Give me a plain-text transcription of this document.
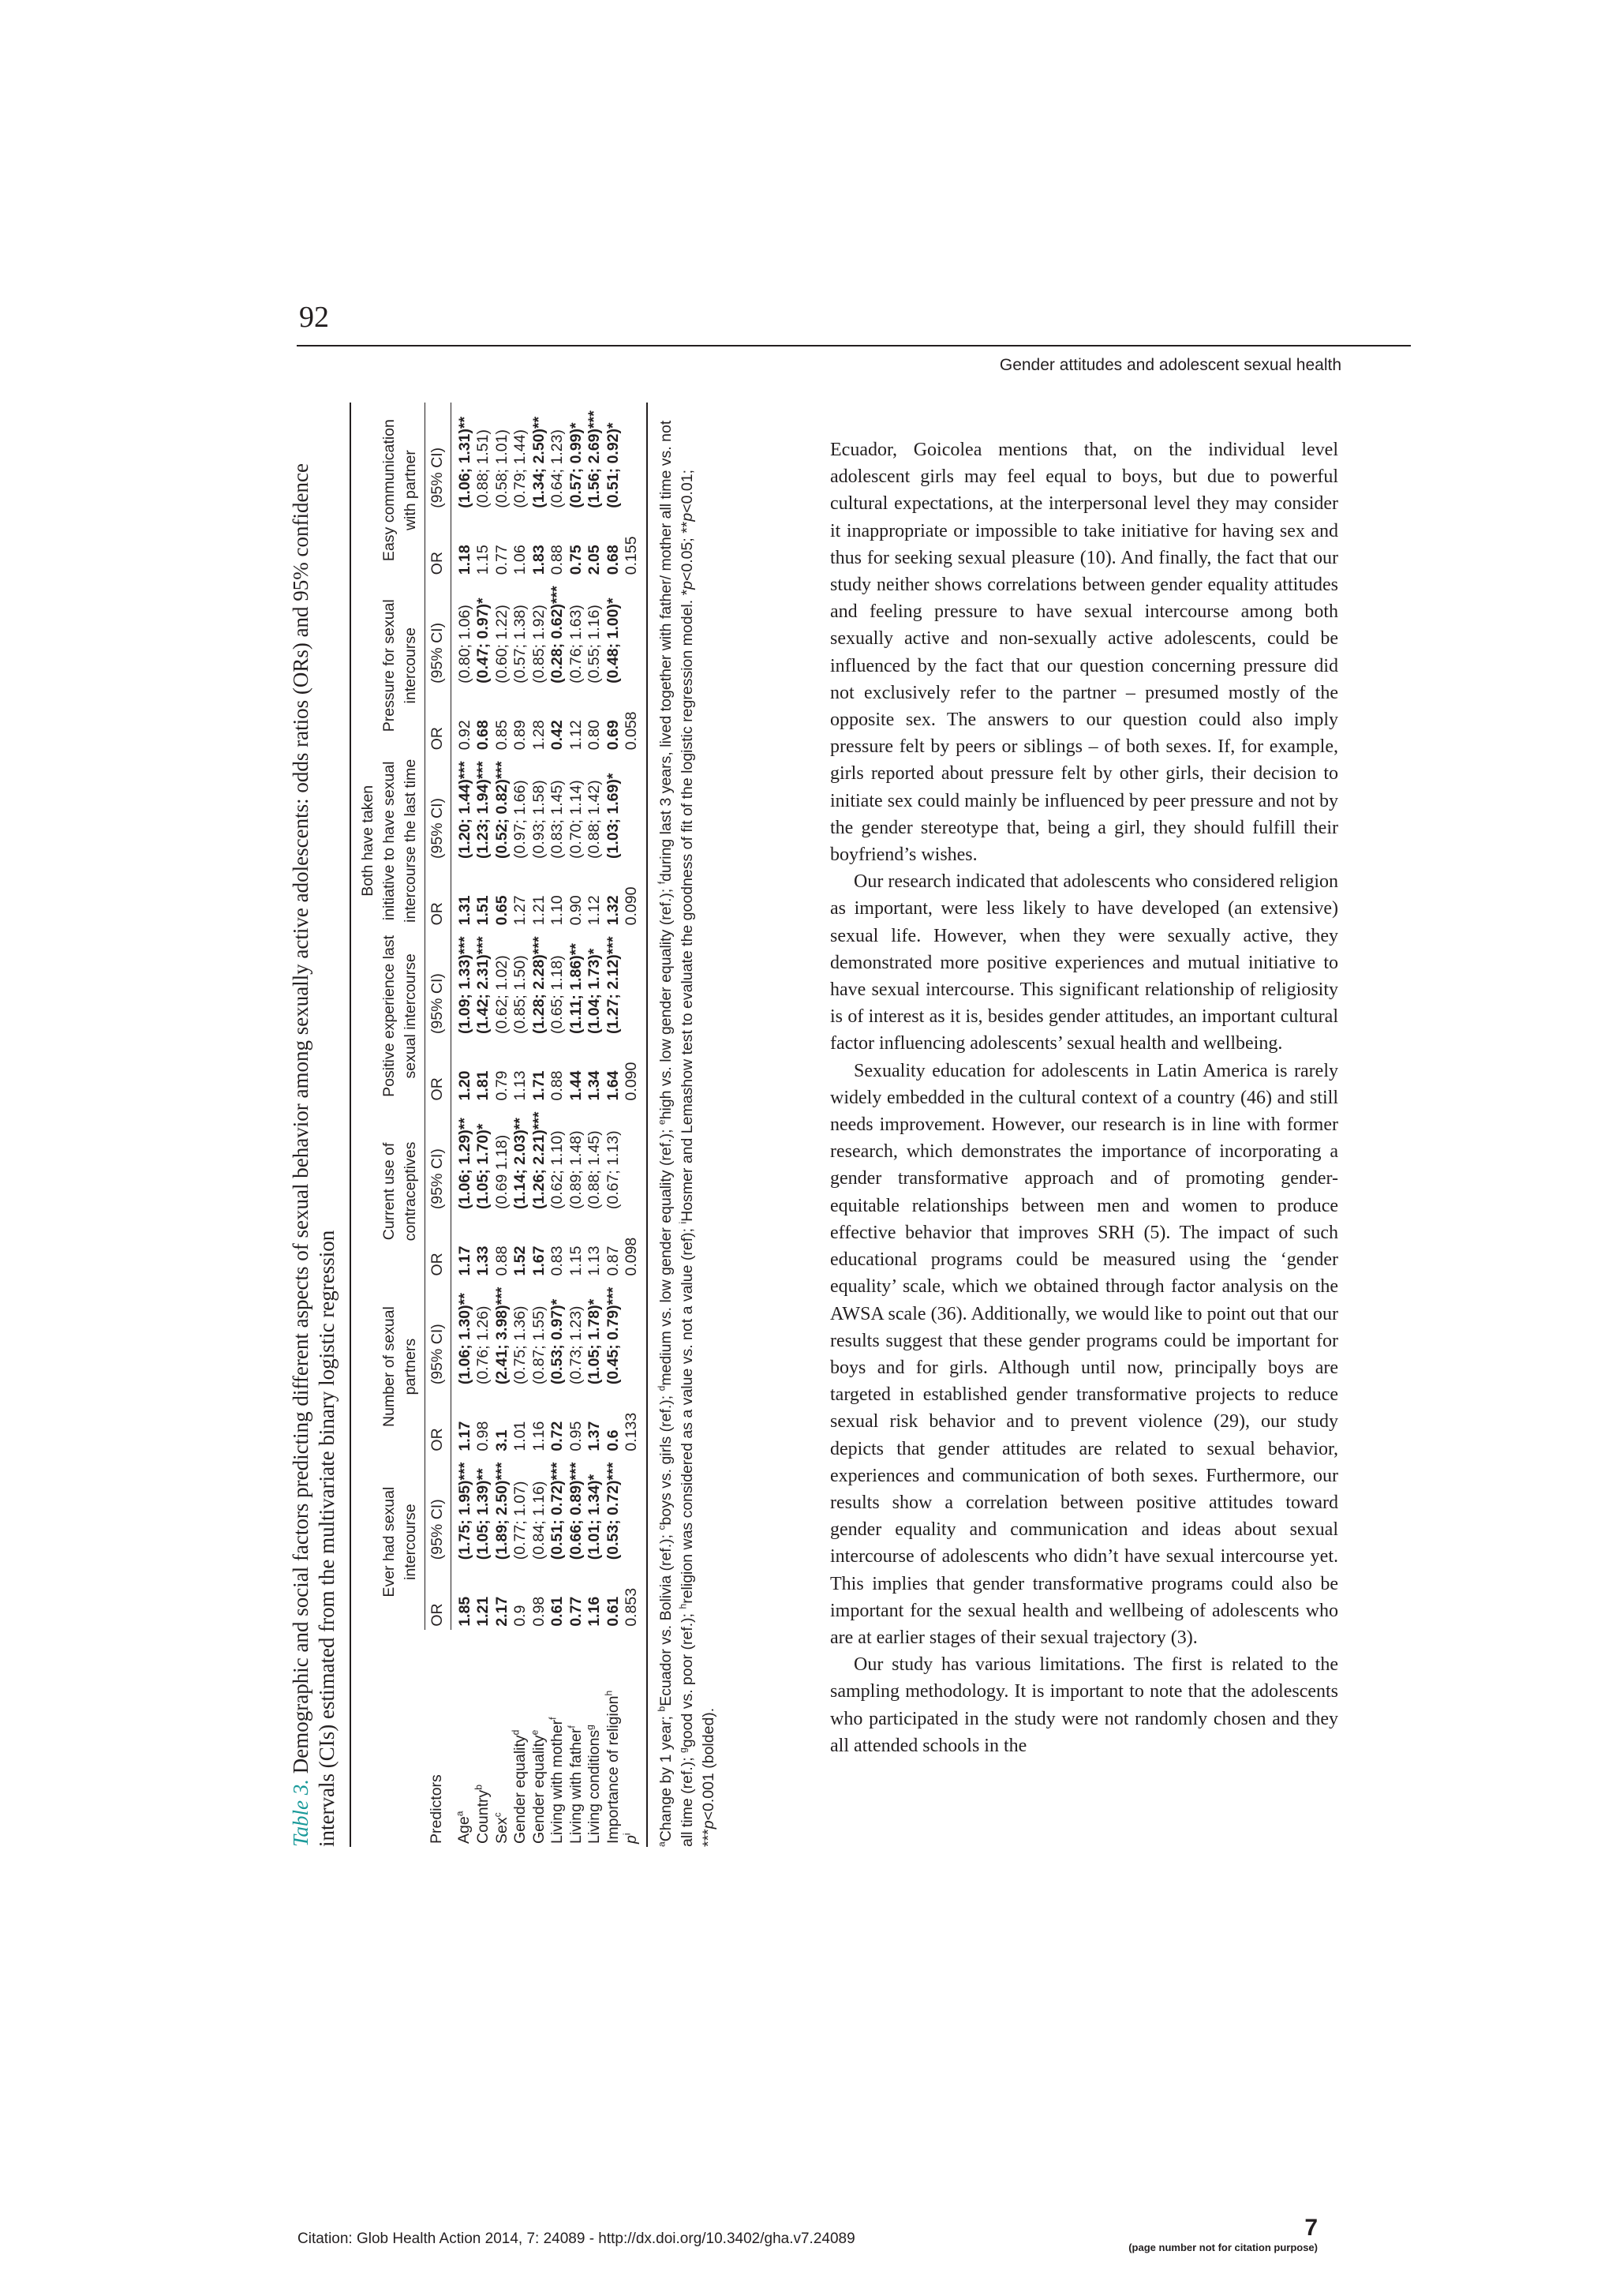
92
Gender attitudes and adolescent sexual health
Table 3. Demographic and social factors predicting different aspects of sexual behavior among sexually active adolescents: odds ratios (ORs) and 95% confidence intervals (CIs) estimated from the multivariate binary logistic regression	Predictors	Ever had sexual intercourse		Number of sexual partners		Current use of contraceptives		Positive experience last sexual intercourse		Both have taken initiative to have sexual intercourse the last time		Pressure for sexual intercourse		Easy communication with partner	
	OR	(95% CI)	OR	(95% CI)	OR	(95% CI)	OR	(95% CI)	OR	(95% CI)	OR	(95% CI)	OR	(95% CI)
Age$^a$	1.85	(1.75; 1.95)***	1.17	(1.06; 1.30)**	1.17	(1.06; 1.29)**	1.20	(1.09; 1.33)***	1.31	(1.20; 1.44)***	0.92	(0.80; 1.06)	1.18	(1.06; 1.31)**
Country$^b$	1.21	(1.05; 1.39)**	0.98	(0.76; 1.26)	1.33	(1.05; 1.70)*	1.81	(1.42; 2.31)***	1.51	(1.23; 1.94)***	0.68	(0.47; 0.97)*	1.15	(0.88; 1.51)
Sex$^c$	2.17	(1.89; 2.50)***	3.1	(2.41; 3.98)***	0.88	(0.69 1.18)	0.79	(0.62; 1.02)	0.65	(0.52; 0.82)***	0.85	(0.60; 1.22)	0.77	(0.58; 1.01)
Gender equality$^d$	0.9	(0.77; 1.07)	1.01	(0.75; 1.36)	1.52	(1.14; 2.03)**	1.13	(0.85; 1.50)	1.27	(0.97; 1.66)	0.89	(0.57; 1.38)	1.06	(0.79; 1.44)
Gender equality$^e$	0.98	(0.84; 1.16)	1.16	(0.87; 1.55)	1.67	(1.26; 2.21)***	1.71	(1.28; 2.28)***	1.21	(0.93; 1.58)	1.28	(0.85; 1.92)	1.83	(1.34; 2.50)**
Living with mother$^f$	0.61	(0.51; 0.72)***	0.72	(0.53; 0.97)*	0.83	(0.62; 1.10)	0.88	(0.65; 1.18)	1.10	(0.83; 1.45)	0.42	(0.28; 0.62)***	0.88	(0.64; 1.23)
Living with father$^f$	0.77	(0.66; 0.89)***	0.95	(0.73; 1.23)	1.15	(0.89; 1.48)	1.44	(1.11; 1.86)**	0.90	(0.70; 1.14)	1.12	(0.76; 1.63)	0.75	(0.57; 0.99)*
Living conditions$^g$	1.16	(1.01; 1.34)*	1.37	(1.05; 1.78)*	1.13	(0.88; 1.45)	1.34	(1.04; 1.73)*	1.12	(0.88; 1.42)	0.80	(0.55; 1.16)	2.05	(1.56; 2.69)***
Importance of religion$^h$	0.61	(0.53; 0.72)***	0.6	(0.45; 0.79)***	0.87	(0.67; 1.13)	1.64	(1.27; 2.12)***	1.32	(1.03; 1.69)*	0.69	(0.48; 1.00)*	0.68	(0.51; 0.92)*
$p^i$	0.853		0.133		0.098		0.090		0.090		0.058		0.155	
$^a$Change by 1 year; $^b$Ecuador vs. Bolivia (ref.); $^c$boys vs. girls (ref.); $^d$medium vs. low gender equality (ref.); $^e$high vs. low gender equality (ref.); $^f$during last 3 years, lived together with father/ mother all time vs. not all time (ref.); $^g$good vs. poor (ref.); $^h$religion was considered as a value vs. not a value (ref); $^i$Hosmer and Lemashow test to evaluate the goodness of fit of the logistic regression model. *p<0.05; **p<0.01; ***p<0.001 (bolded).

Ecuador, Goicolea mentions that, on the individual level adolescent girls may feel equal to boys, but due to powerful cultural expectations, at the interpersonal level they may consider it inappropriate or impossible to take initiative for having sex and thus for seeking sexual pleasure (10). And finally, the fact that our study neither shows correlations between gender equality attitudes and feeling pressure to have sexual intercourse among both sexually active and non-sexually active adolescents, could be influenced by the fact that our question concerning pressure did not exclusively refer to the partner – presumed mostly of the opposite sex. The answers to our question could also imply pressure felt by peers or siblings – of both sexes. If, for example, girls reported about pressure felt by other girls, their decision to initiate sex could mainly be influenced by peer pressure and not by the gender stereotype that, being a girl, they should fulfill their boyfriend’s wishes.

Our research indicated that adolescents who considered religion as important, were less likely to have developed (an extensive) sexual life. However, when they were sexually active, they demonstrated more positive experiences and mutual initiative to have sexual intercourse. This significant relationship of religiosity is of interest as it is, besides gender attitudes, an important cultural factor influencing adolescents’ sexual health and wellbeing.

Sexuality education for adolescents in Latin America is rarely widely embedded in the cultural context of a country (46) and still needs improvement. However, our research is in line with former research, which demonstrates the importance of incorporating a gender transformative approach and of promoting gender-equitable relationships between men and women to produce effective behavior that improves SRH (5). The impact of such educational programs could be measured using the ‘gender equality’ scale, which we obtained through factor analysis on the AWSA scale (36). Additionally, we would like to point out that our results suggest that these gender programs could be important for boys and for girls. Although until now, principally boys are targeted in established gender transformative projects to reduce sexual risk behavior and to prevent violence (29), our study depicts that gender attitudes are related to sexual behavior, experiences and communication of both sexes. Furthermore, our results show a correlation between positive attitudes toward gender equality and communication and ideas about sexual intercourse of adolescents who didn’t have sexual intercourse yet. This implies that gender transformative programs could also be important for the sexual health and wellbeing of adolescents who are at earlier stages of their sexual trajectory (3).

Our study has various limitations. The first is related to the sampling methodology. It is important to note that the adolescents who participated in the study were not randomly chosen and they all attended schools in the

Citation: Glob Health Action 2014, 7: 24089 - http://dx.doi.org/10.3402/gha.v7.24089	7
(page number not for citation purpose)
